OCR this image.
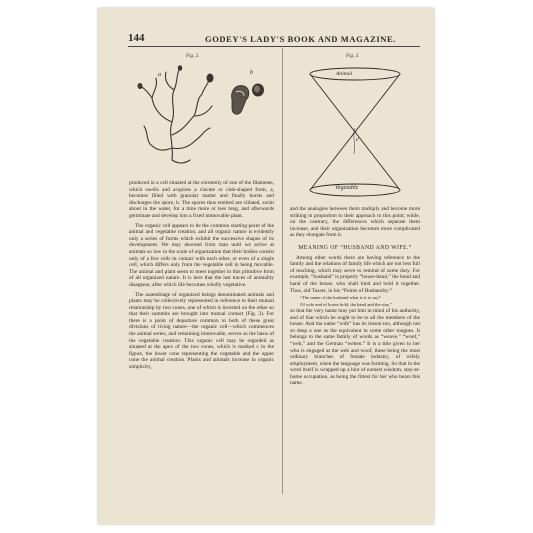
144	GODEY'S LADY'S BOOK AND MAGAZINE.
Fig. 2.
a	b
Fig. 3.
Animal
c
Vegetable

produced in a cell situated at the extremity of one of the filaments, which swells and acquires a clavate or club-shaped form, a, becomes filled with granular matter and finally bursts and discharges the spore, b. The spores thus emitted are ciliated, swim about in the water, for a time more or less long, and afterwards germinate and develop into a fixed immovable plant.

The organic cell appears to be the common starting-point of the animal and vegetable creation, and all organic nature is evidently only a series of forms which exhibit the successive shapes of its development. We may descend from man until we arrive at animals so low in the scale of organization that their bodies consist only of a few cells in contact with each other, or even of a single cell, which differs only from the vegetable cell in being movable. The animal and plant seem to meet together in this primitive form of all organized nature. It is here that the last traces of animality disappear, after which life becomes wholly vegetative.

The assemblage of organized beings denominated animals and plants may be collectively represented in reference to their mutual relationship by two cones, one of which is inverted on the other so that their summits are brought into mutual contact (Fig. 3). For there is a point of departure common to both of these great divisions of living nature—the organic cell—which commences the animal series, and remaining immovable, serves as the basis of the vegetable creation. This organic cell may be regarded as situated at the apex of the two cones, which is marked c in the figure, the lower cone representing the vegetable and the upper cone the animal creation. Plants and animals increase in organic simplicity,

and the analogies between them multiply and become more striking in proportion to their approach to this point; while, on the contrary, the differences which separate them increase, and their organization becomes more complicated as they elongate from it.

MEANING OF “HUSBAND AND WIFE.”

Among other words there are having reference to the family and the relations of family life which are not less full of teaching, which may serve to remind of some duty. For example, “husband” is properly “house-band,” the bond and band of the house, who shall bind and hold it together. Thus, old Tusser, in his “Points of Husbandry:”

“The name of the husband what is it to say?

Of wife and of house hold, the band and the stay.”

so that the very name may put him in mind of his authority, and of that which he ought to be to all the members of the house. And the name “wife” has its lesson too, although not so deep a one as the equivalent in some other tongues. It belongs to the same family of words as “weave,” “woof,” “web,” and the German “weben.” It is a title given to her who is engaged at the web and woof, these being the most ordinary branches of female industry, of wifely employment, when the language was forming. So that in the word itself is wrapped up a hint of earnest wisdom; stay-at-home occupation, as being the fittest for her who bears this name.
